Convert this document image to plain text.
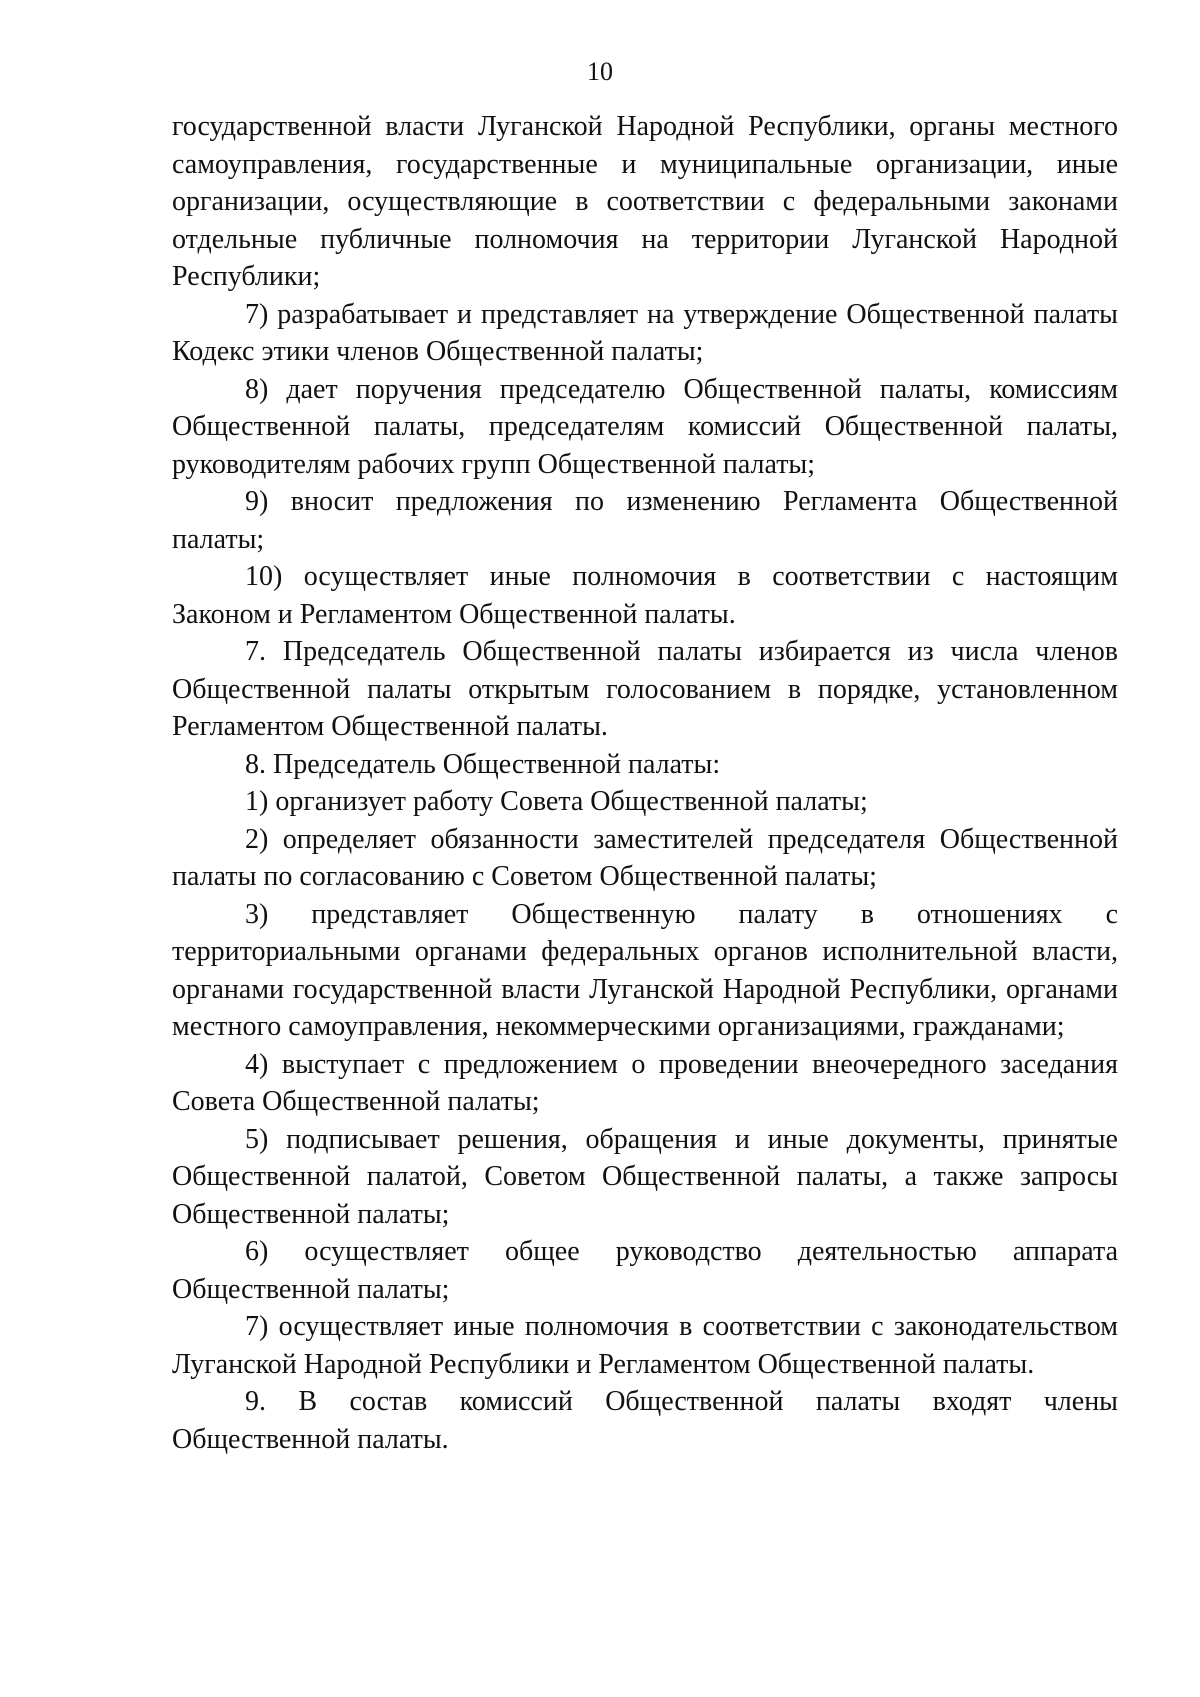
10

государственной власти Луганской Народной Республики, органы местного самоуправления, государственные и муниципальные организации, иные организации, осуществляющие в соответствии с федеральными законами отдельные публичные полномочия на территории Луганской Народной Республики;

7) разрабатывает и представляет на утверждение Общественной палаты Кодекс этики членов Общественной палаты;

8) дает поручения председателю Общественной палаты, комиссиям Общественной палаты, председателям комиссий Общественной палаты, руководителям рабочих групп Общественной палаты;

9) вносит предложения по изменению Регламента Общественной палаты;

10) осуществляет иные полномочия в соответствии с настоящим Законом и Регламентом Общественной палаты.

7. Председатель Общественной палаты избирается из числа членов Общественной палаты открытым голосованием в порядке, установленном Регламентом Общественной палаты.

8. Председатель Общественной палаты:

1) организует работу Совета Общественной палаты;

2) определяет обязанности заместителей председателя Общественной палаты по согласованию с Советом Общественной палаты;

3) представляет Общественную палату в отношениях с территориальными органами федеральных органов исполнительной власти, органами государственной власти Луганской Народной Республики, органами местного самоуправления, некоммерческими организациями, гражданами;

4) выступает с предложением о проведении внеочередного заседания Совета Общественной палаты;

5) подписывает решения, обращения и иные документы, принятые Общественной палатой, Советом Общественной палаты, а также запросы Общественной палаты;

6) осуществляет общее руководство деятельностью аппарата Общественной палаты;

7) осуществляет иные полномочия в соответствии с законодательством Луганской Народной Республики и Регламентом Общественной палаты.

9. В состав комиссий Общественной палаты входят члены Общественной палаты.
